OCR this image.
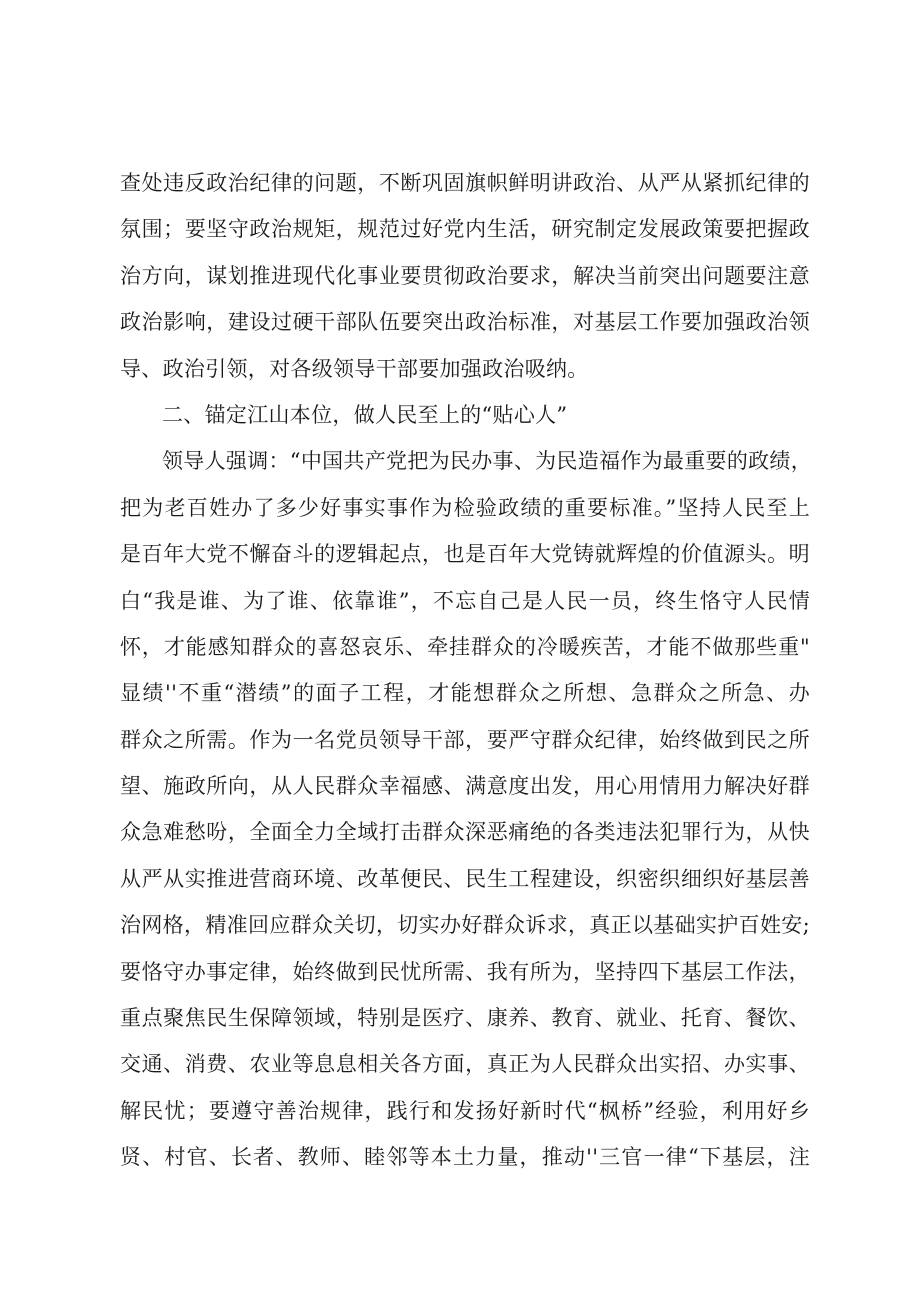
查处违反政治纪律的问题，不断巩固旗帜鲜明讲政治、从严从紧抓纪律的
氛围；要坚守政治规矩，规范过好党内生活，研究制定发展政策要把握政
治方向，谋划推进现代化事业要贯彻政治要求，解决当前突出问题要注意
政治影响，建设过硬干部队伍要突出政治标准，对基层工作要加强政治领
导、政治引领，对各级领导干部要加强政治吸纳。
二、锚定江山本位，做人民至上的“贴心人”
领导人强调：“中国共产党把为民办事、为民造福作为最重要的政绩，
把为老百姓办了多少好事实事作为检验政绩的重要标准。”坚持人民至上
是百年大党不懈奋斗的逻辑起点，也是百年大党铸就辉煌的价值源头。明
白“我是谁、为了谁、依靠谁”，不忘自己是人民一员，终生恪守人民情
怀，才能感知群众的喜怒哀乐、牵挂群众的冷暖疾苦，才能不做那些重"
显绩''不重“潜绩”的面子工程，才能想群众之所想、急群众之所急、办
群众之所需。作为一名党员领导干部，要严守群众纪律，始终做到民之所
望、施政所向，从人民群众幸福感、满意度出发，用心用情用力解决好群
众急难愁吩，全面全力全域打击群众深恶痛绝的各类违法犯罪行为，从快
从严从实推进营商环境、改革便民、民生工程建设，织密织细织好基层善
治网格，精准回应群众关切，切实办好群众诉求，真正以基础实护百姓安;
要恪守办事定律，始终做到民忧所需、我有所为，坚持四下基层工作法，
重点聚焦民生保障领域，特别是医疗、康养、教育、就业、托育、餐饮、
交通、消费、农业等息息相关各方面，真正为人民群众出实招、办实事、
解民忧；要遵守善治规律，践行和发扬好新时代“枫桥”经验，利用好乡
贤、村官、长者、教师、睦邻等本土力量，推动''三官一律“下基层，注
